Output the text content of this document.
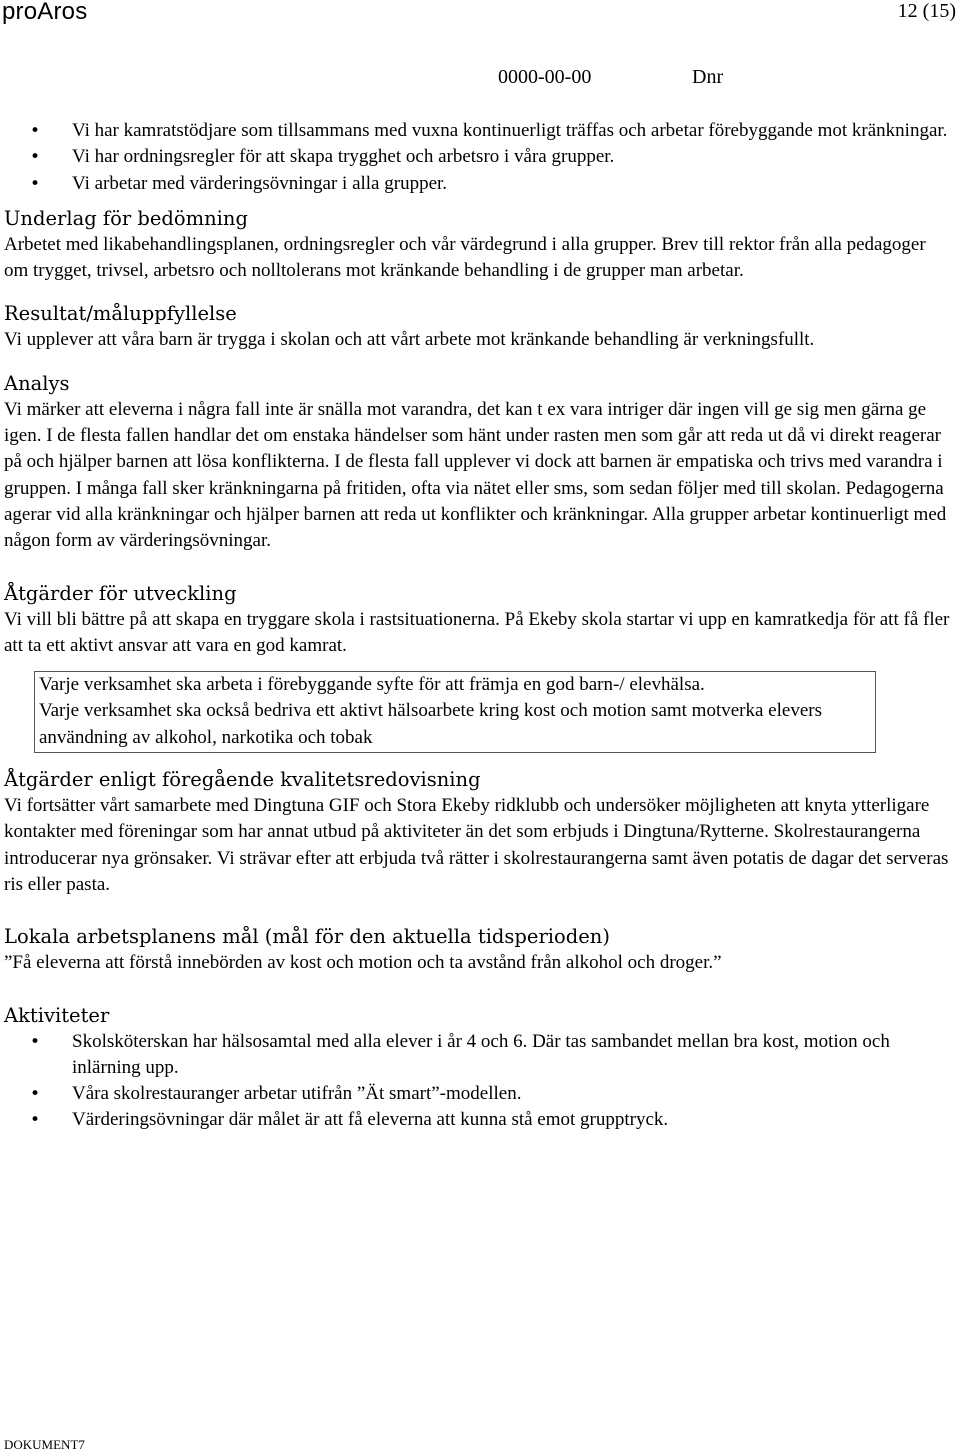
proAros	12 (15)
0000-00-00	Dnr
• Vi har kamratstödjare som tillsammans med vuxna kontinuerligt träffas och arbetar förebyggande mot kränkningar.
• Vi har ordningsregler för att skapa trygghet och arbetsro i våra grupper.
• Vi arbetar med värderingsövningar i alla grupper.
Underlag för bedömning

Arbetet med likabehandlingsplanen, ordningsregler och vår värdegrund i alla grupper. Brev till rektor från alla pedagoger om trygget, trivsel, arbetsro och nolltolerans mot kränkande behandling i de grupper man arbetar.

Resultat/måluppfyllelse

Vi upplever att våra barn är trygga i skolan och att vårt arbete mot kränkande behandling är verkningsfullt.

Analys

Vi märker att eleverna i några fall inte är snälla mot varandra, det kan t ex vara intriger där ingen vill ge sig men gärna ge igen. I de flesta fallen handlar det om enstaka händelser som hänt under rasten men som går att reda ut då vi direkt reagerar på och hjälper barnen att lösa konflikterna. I de flesta fall upplever vi dock att barnen är empatiska och trivs med varandra i gruppen. I många fall sker kränkningarna på fritiden, ofta via nätet eller sms, som sedan följer med till skolan. Pedagogerna agerar vid alla kränkningar och hjälper barnen att reda ut konflikter och kränkningar. Alla grupper arbetar kontinuerligt med någon form av värderingsövningar.

Åtgärder för utveckling

Vi vill bli bättre på att skapa en tryggare skola i rastsituationerna. På Ekeby skola startar vi upp en kamratkedja för att få fler att ta ett aktivt ansvar att vara en god kamrat.

Varje verksamhet ska arbeta i förebyggande syfte för att främja en god barn-/ elevhälsa.
Varje verksamhet ska också bedriva ett aktivt hälsoarbete kring kost och motion samt motverka elevers användning av alkohol, narkotika och tobak
Åtgärder enligt föregående kvalitetsredovisning

Vi fortsätter vårt samarbete med Dingtuna GIF och Stora Ekeby ridklubb och undersöker möjligheten att knyta ytterligare kontakter med föreningar som har annat utbud på aktiviteter än det som erbjuds i Dingtuna/Rytterne. Skolrestaurangerna introducerar nya grönsaker. Vi strävar efter att erbjuda två rätter i skolrestaurangerna samt även potatis de dagar det serveras ris eller pasta.

Lokala arbetsplanens mål (mål för den aktuella tidsperioden)

”Få eleverna att förstå innebörden av kost och motion och ta avstånd från alkohol och droger.”

Aktiviteter
• Skolsköterskan har hälsosamtal med alla elever i år 4 och 6. Där tas sambandet mellan bra kost, motion och inlärning upp.
• Våra skolrestauranger arbetar utifrån ”Ät smart”-modellen.
• Värderingsövningar där målet är att få eleverna att kunna stå emot grupptryck.
DOKUMENT7
